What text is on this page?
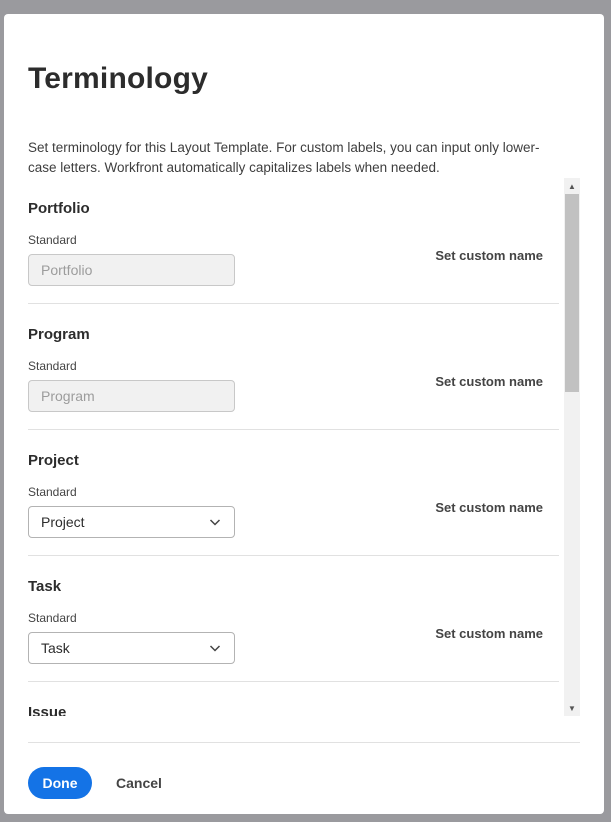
Terminology

Set terminology for this Layout Template. For custom labels, you can input only lower-case letters. Workfront automatically capitalizes labels when needed.

Portfolio
Standard
Portfolio
Set custom name
Program
Standard
Program
Set custom name
Project
Standard
Project
Set custom name
Task
Standard
Task
Set custom name
Issue
▲
▼
Done	Cancel
